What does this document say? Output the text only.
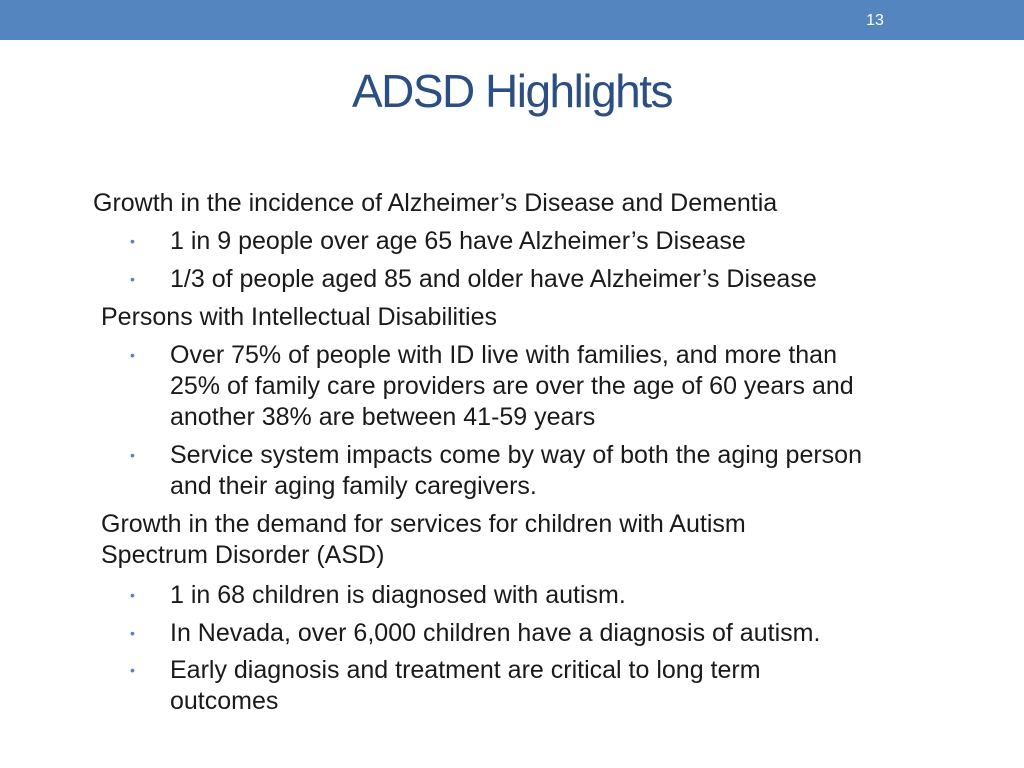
13
ADSD Highlights
Growth in the incidence of Alzheimer’s Disease and Dementia
•	1 in 9 people over age 65 have Alzheimer’s Disease
•	1/3 of people aged 85 and older have Alzheimer’s Disease
Persons with Intellectual Disabilities
•	Over 75% of people with ID live with families, and more than
25% of family care providers are over the age of 60 years and
another 38% are between 41-59 years
•	Service system impacts come by way of both the aging person
and their aging family caregivers.
Growth in the demand for services for children with Autism
Spectrum Disorder (ASD)
•	1 in 68 children is diagnosed with autism.
•	In Nevada, over 6,000 children have a diagnosis of autism.
•	Early diagnosis and treatment are critical to long term
outcomes
